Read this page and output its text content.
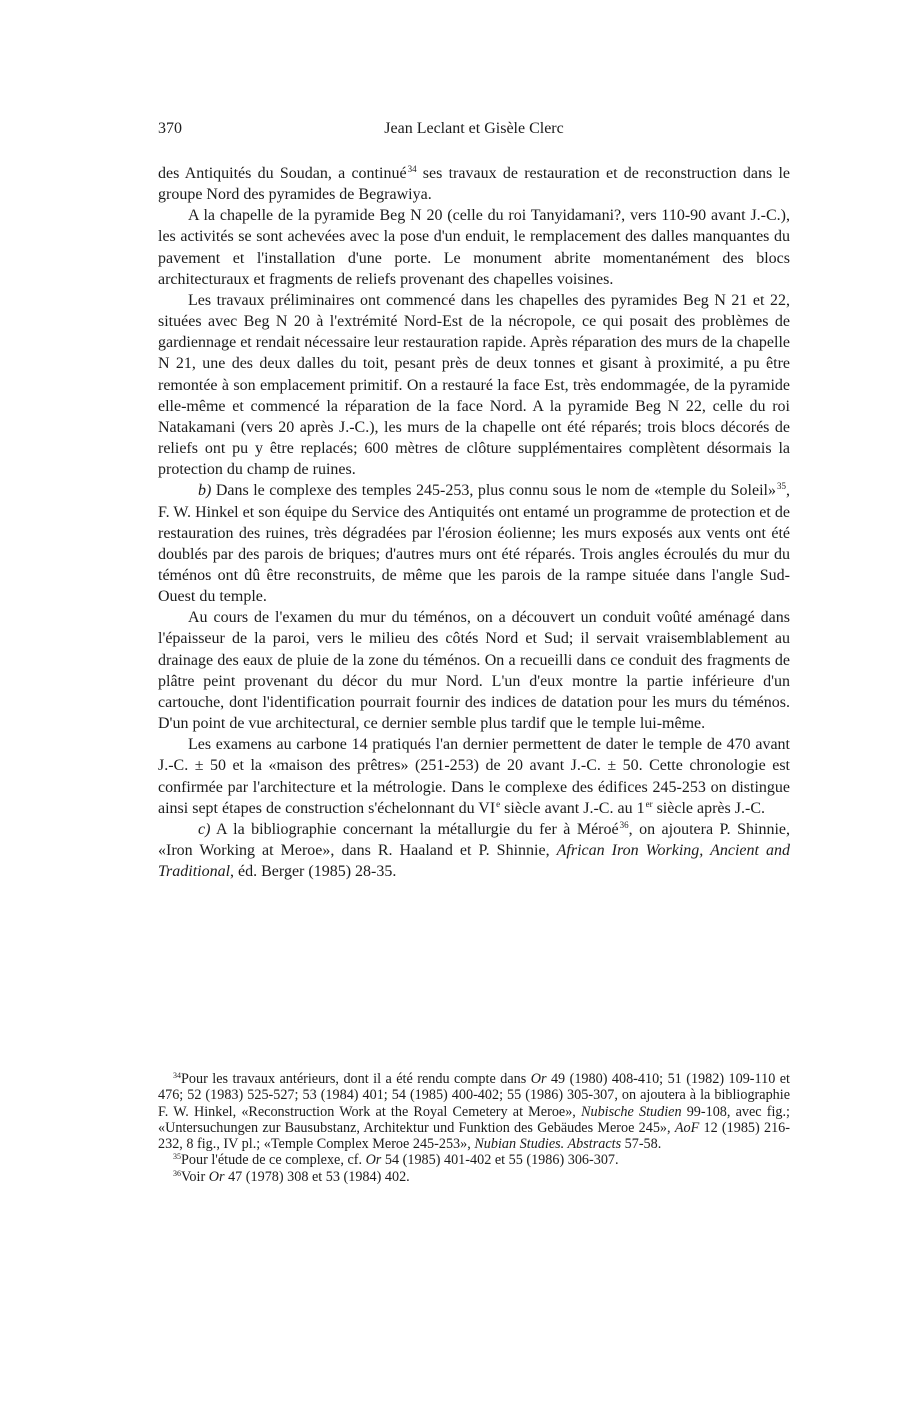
370	Jean Leclant et Gisèle Clerc

des Antiquités du Soudan, a continué$^{34}$ ses travaux de restauration et de reconstruction dans le groupe Nord des pyramides de Begrawiya.

A la chapelle de la pyramide Beg N 20 (celle du roi Tanyidamani?, vers 110-90 avant J.-C.), les activités se sont achevées avec la pose d'un enduit, le remplacement des dalles manquantes du pavement et l'installation d'une porte. Le monument abrite momentanément des blocs architecturaux et fragments de reliefs provenant des chapelles voisines.

Les travaux préliminaires ont commencé dans les chapelles des pyramides Beg N 21 et 22, situées avec Beg N 20 à l'extrémité Nord-Est de la nécropole, ce qui posait des problèmes de gardiennage et rendait nécessaire leur restauration rapide. Après réparation des murs de la chapelle N 21, une des deux dalles du toit, pesant près de deux tonnes et gisant à proximité, a pu être remontée à son emplacement primitif. On a restauré la face Est, très endommagée, de la pyramide elle-même et commencé la réparation de la face Nord. A la pyramide Beg N 22, celle du roi Natakamani (vers 20 après J.-C.), les murs de la chapelle ont été réparés; trois blocs décorés de reliefs ont pu y être replacés; 600 mètres de clôture supplémentaires complètent désormais la protection du champ de ruines.

b) Dans le complexe des temples 245-253, plus connu sous le nom de «temple du Soleil»$^{35}$, F. W. Hinkel et son équipe du Service des Antiquités ont entamé un programme de protection et de restauration des ruines, très dégradées par l'érosion éolienne; les murs exposés aux vents ont été doublés par des parois de briques; d'autres murs ont été réparés. Trois angles écroulés du mur du téménos ont dû être reconstruits, de même que les parois de la rampe située dans l'angle Sud-Ouest du temple.

Au cours de l'examen du mur du téménos, on a découvert un conduit voûté aménagé dans l'épaisseur de la paroi, vers le milieu des côtés Nord et Sud; il servait vraisemblablement au drainage des eaux de pluie de la zone du téménos. On a recueilli dans ce conduit des fragments de plâtre peint provenant du décor du mur Nord. L'un d'eux montre la partie inférieure d'un cartouche, dont l'identification pourrait fournir des indices de datation pour les murs du téménos. D'un point de vue architectural, ce dernier semble plus tardif que le temple lui-même.

Les examens au carbone 14 pratiqués l'an dernier permettent de dater le temple de 470 avant J.-C. ± 50 et la «maison des prêtres» (251-253) de 20 avant J.-C. ± 50. Cette chronologie est confirmée par l'architecture et la métrologie. Dans le complexe des édifices 245-253 on distingue ainsi sept étapes de construction s'échelonnant du VIe siècle avant J.-C. au 1er siècle après J.-C.

c) A la bibliographie concernant la métallurgie du fer à Méroé$^{36}$, on ajoutera P. Shinnie, «Iron Working at Meroe», dans R. Haaland et P. Shinnie, African Iron Working, Ancient and Traditional, éd. Berger (1985) 28-35.

$^{34}$Pour les travaux antérieurs, dont il a été rendu compte dans Or 49 (1980) 408-410; 51 (1982) 109-110 et 476; 52 (1983) 525-527; 53 (1984) 401; 54 (1985) 400-402; 55 (1986) 305-307, on ajoutera à la bibliographie F. W. Hinkel, «Reconstruction Work at the Royal Cemetery at Meroe», Nubische Studien 99-108, avec fig.; «Untersuchungen zur Bausubstanz, Architektur und Funktion des Gebäudes Meroe 245», AoF 12 (1985) 216-232, 8 fig., IV pl.; «Temple Complex Meroe 245-253», Nubian Studies. Abstracts 57-58.

$^{35}$Pour l'étude de ce complexe, cf. Or 54 (1985) 401-402 et 55 (1986) 306-307.

$^{36}$Voir Or 47 (1978) 308 et 53 (1984) 402.
